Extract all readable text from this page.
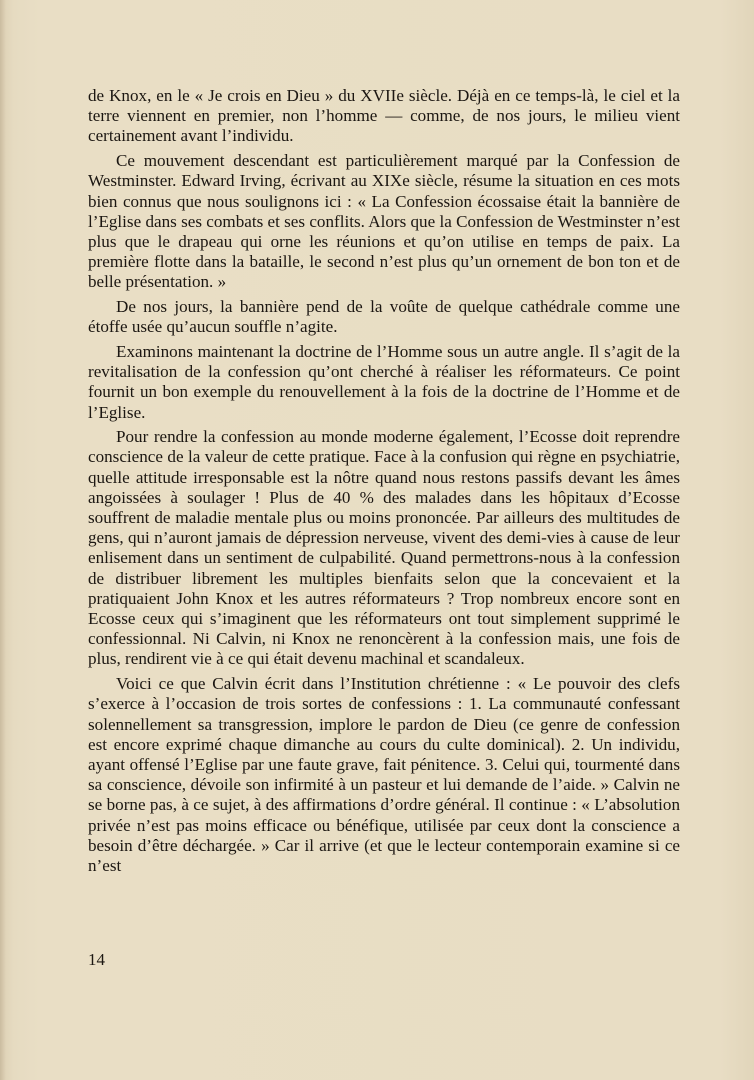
de Knox, en le « Je crois en Dieu » du XVIIe siècle. Déjà en ce temps-là, le ciel et la terre viennent en premier, non l’homme — comme, de nos jours, le milieu vient certainement avant l’individu.

Ce mouvement descendant est particulièrement marqué par la Confession de Westminster. Edward Irving, écrivant au XIXe siècle, résume la situation en ces mots bien connus que nous soulignons ici : « La Confession écossaise était la bannière de l’Eglise dans ses combats et ses conflits. Alors que la Confession de Westminster n’est plus que le drapeau qui orne les réunions et qu’on utilise en temps de paix. La première flotte dans la bataille, le second n’est plus qu’un ornement de bon ton et de belle présentation. »

De nos jours, la bannière pend de la voûte de quelque cathédrale comme une étoffe usée qu’aucun souffle n’agite.

Examinons maintenant la doctrine de l’Homme sous un autre angle. Il s’agit de la revitalisation de la confession qu’ont cherché à réaliser les réformateurs. Ce point fournit un bon exemple du renouvellement à la fois de la doctrine de l’Homme et de l’Eglise.

Pour rendre la confession au monde moderne également, l’Ecosse doit reprendre conscience de la valeur de cette pratique. Face à la confusion qui règne en psychiatrie, quelle attitude irresponsable est la nôtre quand nous restons passifs devant les âmes angoissées à soulager ! Plus de 40 % des malades dans les hôpitaux d’Ecosse souffrent de maladie mentale plus ou moins prononcée. Par ailleurs des multitudes de gens, qui n’auront jamais de dépression nerveuse, vivent des demi-vies à cause de leur enlisement dans un sentiment de culpabilité. Quand permettrons-nous à la confession de distribuer librement les multiples bienfaits selon que la concevaient et la pratiquaient John Knox et les autres réformateurs ? Trop nombreux encore sont en Ecosse ceux qui s’imaginent que les réformateurs ont tout simplement supprimé le confessionnal. Ni Calvin, ni Knox ne renoncèrent à la confession mais, une fois de plus, rendirent vie à ce qui était devenu machinal et scandaleux.

Voici ce que Calvin écrit dans l’Institution chrétienne : « Le pouvoir des clefs s’exerce à l’occasion de trois sortes de confessions : 1. La communauté confessant solennellement sa transgression, implore le pardon de Dieu (ce genre de confession est encore exprimé chaque dimanche au cours du culte dominical). 2. Un individu, ayant offensé l’Eglise par une faute grave, fait pénitence. 3. Celui qui, tourmenté dans sa conscience, dévoile son infirmité à un pasteur et lui demande de l’aide. » Calvin ne se borne pas, à ce sujet, à des affirmations d’ordre général. Il continue : « L’absolution privée n’est pas moins efficace ou bénéfique, utilisée par ceux dont la conscience a besoin d’être déchargée. » Car il arrive (et que le lecteur contemporain examine si ce n’est

14
